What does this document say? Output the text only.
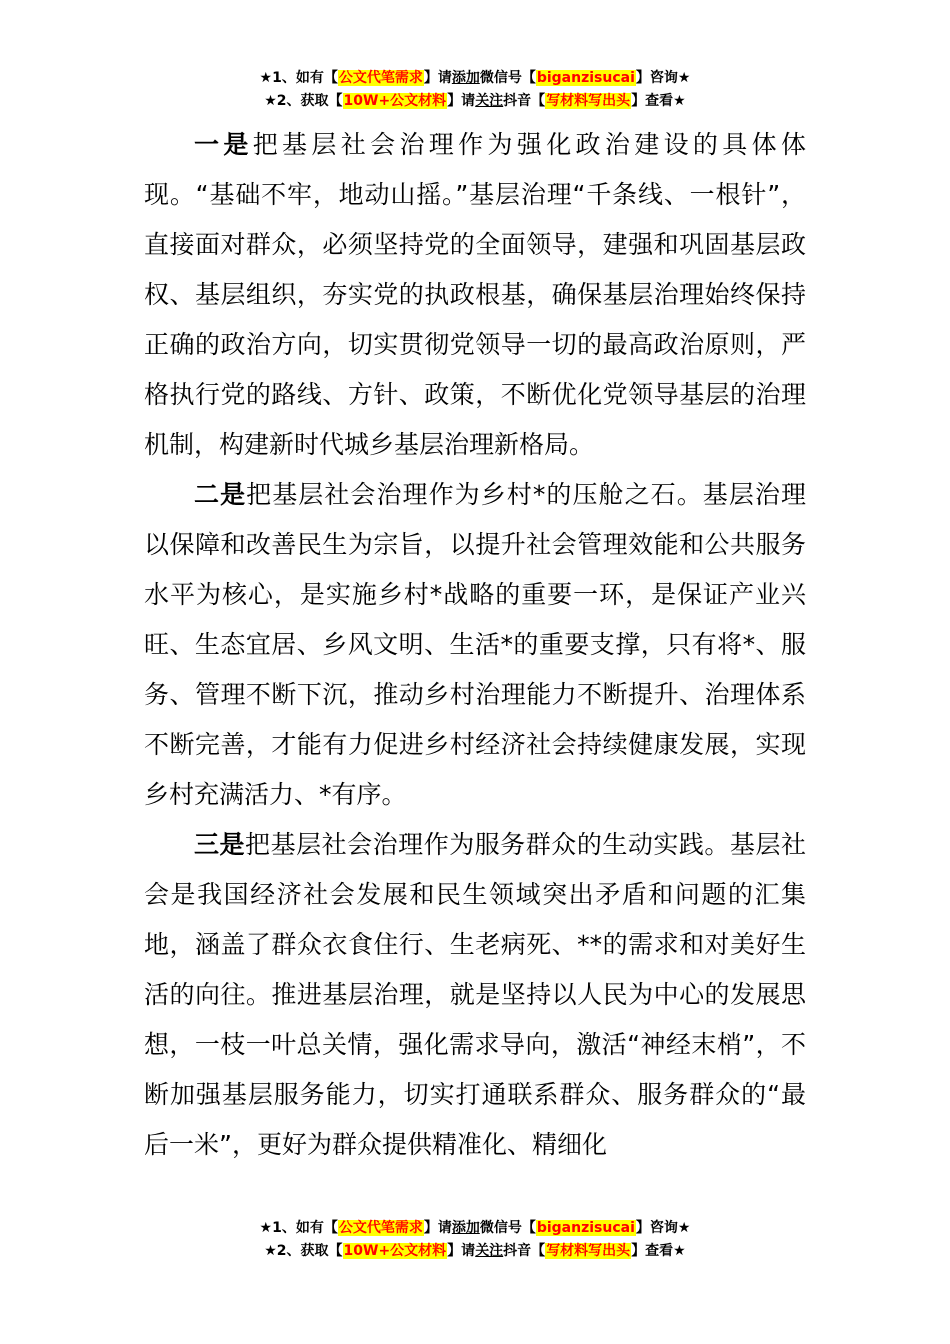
★1、如有【公文代笔需求】请添加微信号【biganzisucai】咨询★
★2、获取【10W+公文材料】请关注抖音【写材料写出头】查看★

一是把基层社会治理作为强化政治建设的具体体现。“基础不牢，地动山摇。”基层治理“千条线、一根针”，直接面对群众，必须坚持党的全面领导，建强和巩固基层政权、基层组织，夯实党的执政根基，确保基层治理始终保持正确的政治方向，切实贯彻党领导一切的最高政治原则，严格执行党的路线、方针、政策，不断优化党领导基层的治理机制，构建新时代城乡基层治理新格局。

二是把基层社会治理作为乡村*的压舱之石。基层治理以保障和改善民生为宗旨，以提升社会管理效能和公共服务水平为核心，是实施乡村*战略的重要一环，是保证产业兴旺、生态宜居、乡风文明、生活*的重要支撑，只有将*、服务、管理不断下沉，推动乡村治理能力不断提升、治理体系不断完善，才能有力促进乡村经济社会持续健康发展，实现乡村充满活力、*有序。

三是把基层社会治理作为服务群众的生动实践。基层社会是我国经济社会发展和民生领域突出矛盾和问题的汇集地，涵盖了群众衣食住行、生老病死、**的需求和对美好生活的向往。推进基层治理，就是坚持以人民为中心的发展思想，一枝一叶总关情，强化需求导向，激活“神经末梢”，不断加强基层服务能力，切实打通联系群众、服务群众的“最后一米”，更好为群众提供精准化、精细化

★1、如有【公文代笔需求】请添加微信号【biganzisucai】咨询★
★2、获取【10W+公文材料】请关注抖音【写材料写出头】查看★
